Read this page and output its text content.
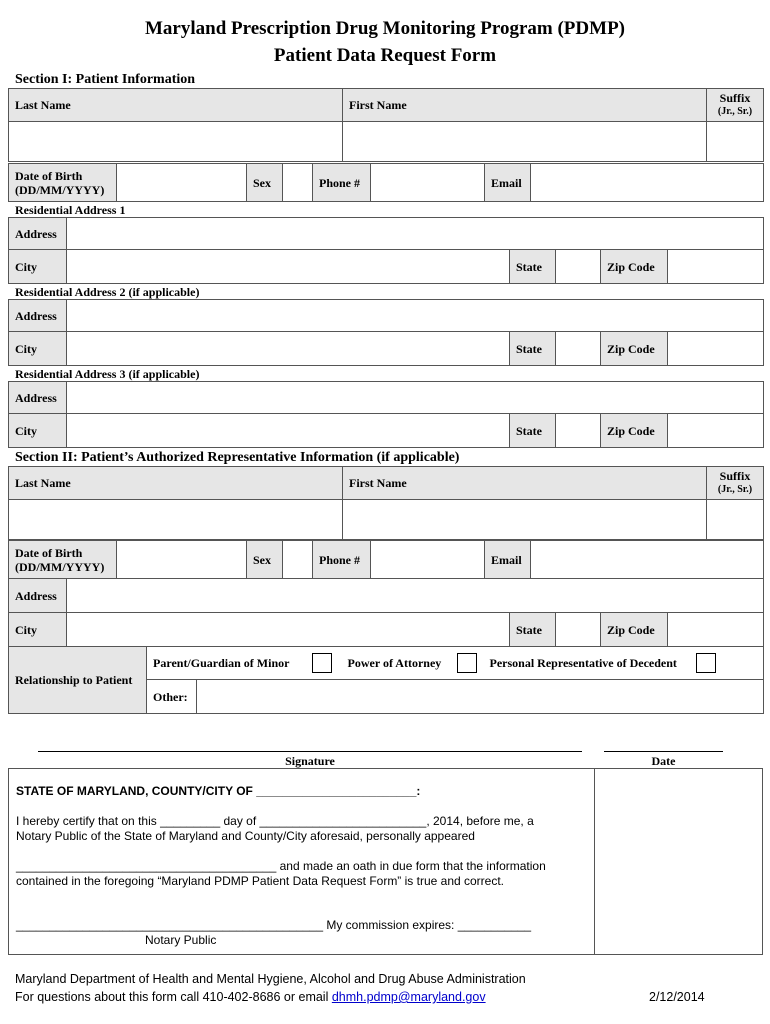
Maryland Prescription Drug Monitoring Program (PDMP)
Patient Data Request Form
Section I: Patient Information
Last Name	First Name	Suffix
(Jr., Sr.)

Date of Birth
(DD/MM/YYYY)		Sex		Phone #		Email	
Residential Address 1
Address					
City		State		Zip Code	
Residential Address 2 (if applicable)
Address					
City		State		Zip Code	
Residential Address 3 (if applicable)
Address					
City		State		Zip Code	
Section II: Patient’s Authorized Representative Information (if applicable)
Last Name	First Name	Suffix
(Jr., Sr.)

Date of Birth
(DD/MM/YYYY)		Sex		Phone #		Email	
Address					
City		State		Zip Code	
Relationship to Patient	Parent/Guardian of Minor			Power of Attorney		Personal Representative of Decedent	
	Other:						
Signature	Date
STATE OF MARYLAND, COUNTY/CITY OF ________________________:
I hereby certify that on this _________ day of _________________________, 2014, before me, a
Notary Public of the State of Maryland and County/City aforesaid, personally appeared
_______________________________________ and made an oath in due form that the information
contained in the foregoing “Maryland PDMP Patient Data Request Form” is true and correct.
______________________________________________ My commission expires: ___________
Notary Public
Maryland Department of Health and Mental Hygiene, Alcohol and Drug Abuse Administration
For questions about this form call 410-402-8686 or email dhmh.pdmp@maryland.gov	2/12/2014
